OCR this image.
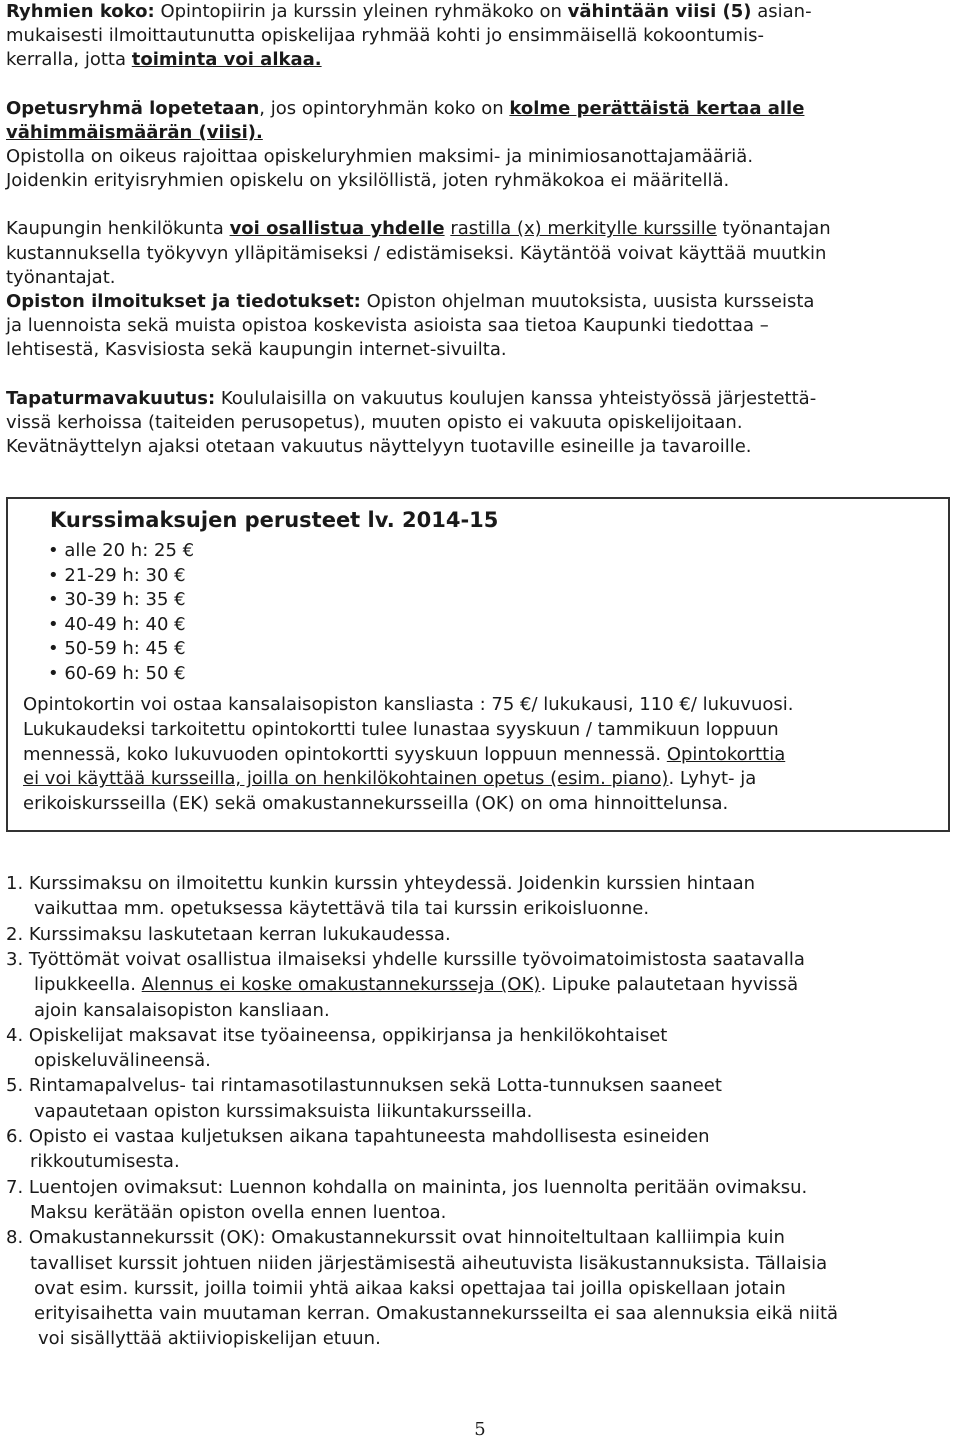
Ryhmien koko: Opintopiirin ja kurssin yleinen ryhmäkoko on vähintään viisi (5) asian-
mukaisesti ilmoittautunutta opiskelijaa ryhmää kohti jo ensimmäisellä kokoontumis-
kerralla, jotta toiminta voi alkaa.
Opetusryhmä lopetetaan, jos opintoryhmän koko on kolme perättäistä kertaa alle
vähimmäismäärän (viisi).
Opistolla on oikeus rajoittaa opiskeluryhmien maksimi- ja minimiosanottajamääriä.
Joidenkin erityisryhmien opiskelu on yksilöllistä, joten ryhmäkokoa ei määritellä.
Kaupungin henkilökunta voi osallistua yhdelle rastilla (x) merkitylle kurssille työnantajan
kustannuksella työkyvyn ylläpitämiseksi / edistämiseksi. Käytäntöä voivat käyttää muutkin
työnantajat.
Opiston ilmoitukset ja tiedotukset: Opiston ohjelman muutoksista, uusista kursseista
ja luennoista sekä muista opistoa koskevista asioista saa tietoa Kaupunki tiedottaa –
lehtisestä, Kasvisiosta sekä kaupungin internet-sivuilta.
Tapaturmavakuutus: Koululaisilla on vakuutus koulujen kanssa yhteistyössä järjestettä-
vissä kerhoissa (taiteiden perusopetus), muuten opisto ei vakuuta opiskelijoitaan.
Kevätnäyttelyn ajaksi otetaan vakuutus näyttelyyn tuotaville esineille ja tavaroille.
Kurssimaksujen perusteet lv. 2014-15
• alle 20 h: 25 €
• 21-29 h: 30 €
• 30-39 h: 35 €
• 40-49 h: 40 €
• 50-59 h: 45 €
• 60-69 h: 50 €
Opintokortin voi ostaa kansalaisopiston kansliasta : 75 €/ lukukausi, 110 €/ lukuvuosi.
Lukukaudeksi tarkoitettu opintokortti tulee lunastaa syyskuun / tammikuun loppuun
mennessä, koko lukuvuoden opintokortti syyskuun loppuun mennessä. Opintokorttia
ei voi käyttää kursseilla, joilla on henkilökohtainen opetus (esim. piano). Lyhyt- ja
erikoiskursseilla (EK) sekä omakustannekursseilla (OK) on oma hinnoittelunsa.
1. Kurssimaksu on ilmoitettu kunkin kurssin yhteydessä. Joidenkin kurssien hintaan
vaikuttaa mm. opetuksessa käytettävä tila tai kurssin erikoisluonne.
2. Kurssimaksu laskutetaan kerran lukukaudessa.
3. Työttömät voivat osallistua ilmaiseksi yhdelle kurssille työvoimatoimistosta saatavalla
lipukkeella. Alennus ei koske omakustannekursseja (OK). Lipuke palautetaan hyvissä
ajoin kansalaisopiston kansliaan.
4. Opiskelijat maksavat itse työaineensa, oppikirjansa ja henkilökohtaiset
opiskeluvälineensä.
5. Rintamapalvelus- tai rintamasotilastunnuksen sekä Lotta-tunnuksen saaneet
vapautetaan opiston kurssimaksuista liikuntakursseilla.
6. Opisto ei vastaa kuljetuksen aikana tapahtuneesta mahdollisesta esineiden
rikkoutumisesta.
7. Luentojen ovimaksut: Luennon kohdalla on maininta, jos luennolta peritään ovimaksu.
Maksu kerätään opiston ovella ennen luentoa.
8. Omakustannekurssit (OK): Omakustannekurssit ovat hinnoiteltultaan kalliimpia kuin
tavalliset kurssit johtuen niiden järjestämisestä aiheutuvista lisäkustannuksista. Tällaisia
ovat esim. kurssit, joilla toimii yhtä aikaa kaksi opettajaa tai joilla opiskellaan jotain
erityisaihetta vain muutaman kerran. Omakustannekursseilta ei saa alennuksia eikä niitä
voi sisällyttää aktiiviopiskelijan etuun.
5
